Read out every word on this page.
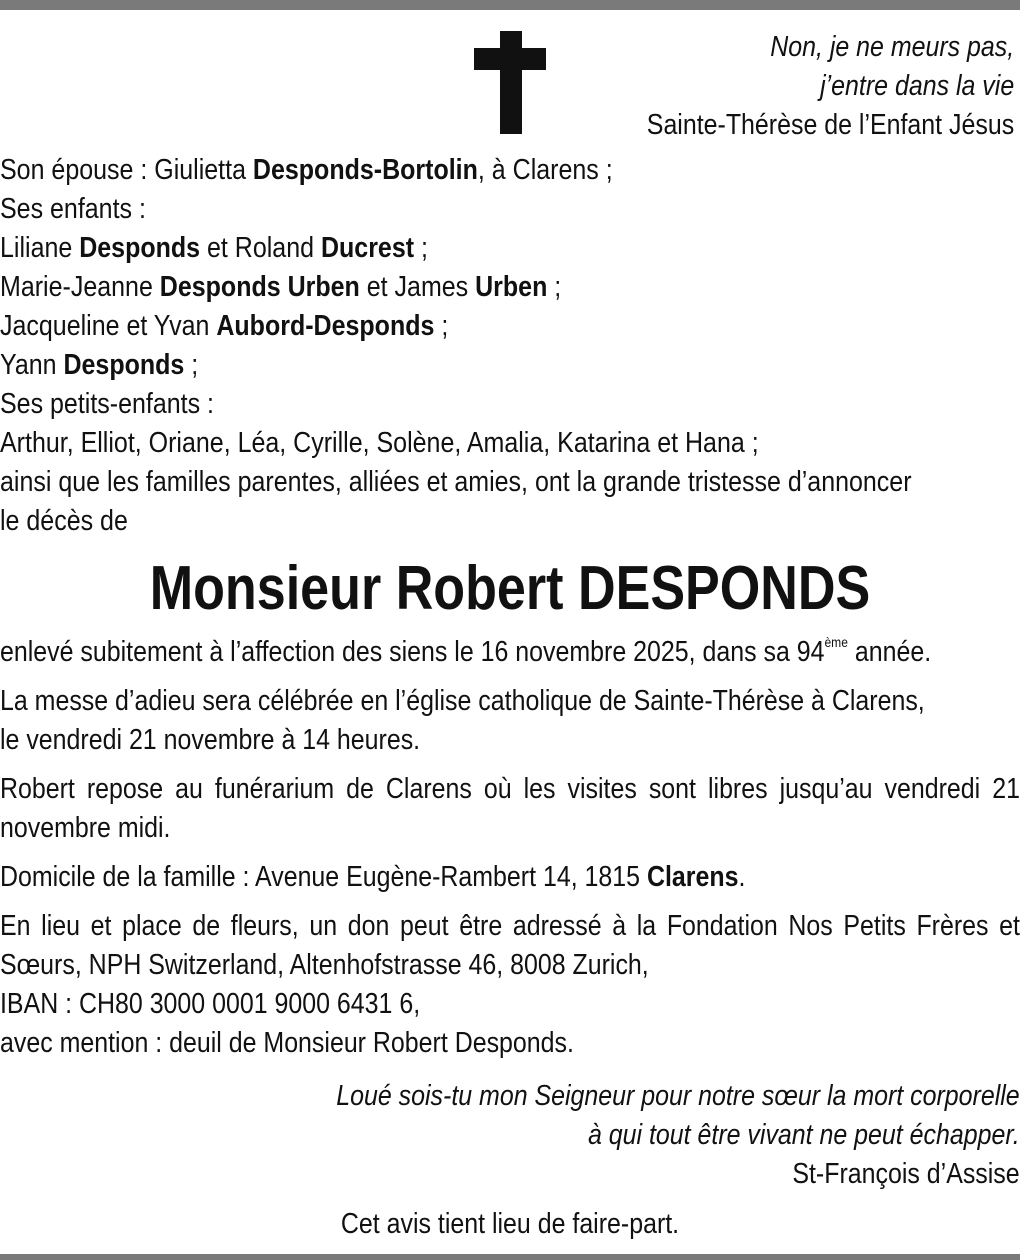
Non, je ne meurs pas,
j’entre dans la vie
Sainte-Thérèse de l’Enfant Jésus
Son épouse : Giulietta Desponds-Bortolin, à Clarens ;
Ses enfants :
Liliane Desponds et Roland Ducrest ;
Marie-Jeanne Desponds Urben et James Urben ;
Jacqueline et Yvan Aubord-Desponds ;
Yann Desponds ;
Ses petits-enfants :
Arthur, Elliot, Oriane, Léa, Cyrille, Solène, Amalia, Katarina et Hana ;
ainsi que les familles parentes, alliées et amies, ont la grande tristesse d’annoncer
le décès de
Monsieur Robert DESPONDS

enlevé subitement à l’affection des siens le 16 novembre 2025, dans sa 94ème année.

La messe d’adieu sera célébrée en l’église catholique de Sainte-Thérèse à Clarens,
le vendredi 21 novembre à 14 heures.

Robert repose au funérarium de Clarens où les visites sont libres jusqu’au vendredi 21 novembre midi.

Domicile de la famille : Avenue Eugène-Rambert 14, 1815 Clarens.

En lieu et place de fleurs, un don peut être adressé à la Fondation Nos Petits Frères et Sœurs, NPH Switzerland, Altenhofstrasse 46, 8008 Zurich,
IBAN : CH80 3000 0001 9000 6431 6,
avec mention : deuil de Monsieur Robert Desponds.

Loué sois-tu mon Seigneur pour notre sœur la mort corporelle
à qui tout être vivant ne peut échapper.
St-François d’Assise
Cet avis tient lieu de faire-part.
